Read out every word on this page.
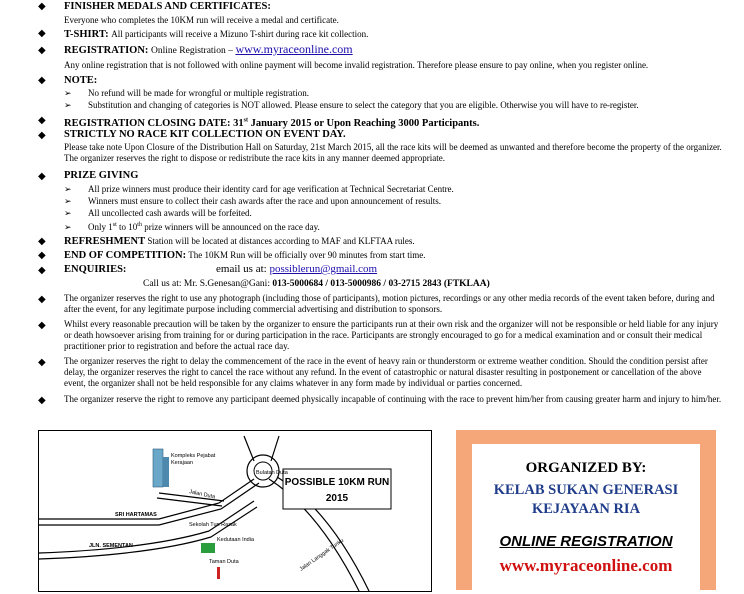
◆ FINISHER MEDALS AND CERTIFICATES:
Everyone who completes the 10KM run will receive a medal and certificate.
◆ T-SHIRT: All participants will receive a Mizuno T-shirt during race kit collection.
◆ REGISTRATION: Online Registration – www.myraceonline.com
Any online registration that is not followed with online payment will become invalid registration. Therefore please ensure to pay online, when you register online.
◆ NOTE:
➢ No refund will be made for wrongful or multiple registration.
➢ Substitution and changing of categories is NOT allowed. Please ensure to select the category that you are eligible. Otherwise you will have to re-register.
◆ REGISTRATION CLOSING DATE: 31st January 2015 or Upon Reaching 3000 Participants.
◆ STRICTLY NO RACE KIT COLLECTION ON EVENT DAY.
Please take note Upon Closure of the Distribution Hall on Saturday, 21st March 2015, all the race kits will be deemed as unwanted and therefore become the property of the organizer. The organizer reserves the right to dispose or redistribute the race kits in any manner deemed appropriate.
◆ PRIZE GIVING
➢ All prize winners must produce their identity card for age verification at Technical Secretariat Centre.
➢ Winners must ensure to collect their cash awards after the race and upon announcement of results.
➢ All uncollected cash awards will be forfeited.
➢ Only 1st to 10th prize winners will be announced on the race day.
◆ REFRESHMENT Station will be located at distances according to MAF and KLFTAA rules.
◆ END OF COMPETITION: The 10KM Run will be officially over 90 minutes from start time.
◆ ENQUIRIES:	email us at: possiblerun@gmail.com
Call us at: Mr. S.Genesan@Gani: 013-5000684 / 013-5000986 / 03-2715 2843 (FTKLAA)
◆ The organizer reserves the right to use any photograph (including those of participants), motion pictures, recordings or any other media records of the event taken before, during and after the event, for any legitimate purpose including commercial advertising and distribution to sponsors.
◆ Whilst every reasonable precaution will be taken by the organizer to ensure the participants run at their own risk and the organizer will not be responsible or held liable for any injury or death howsoever arising from training for or during participation in the race. Participants are strongly encouraged to go for a medical examination and or consult their medical practitioner prior to registration and before the actual race day.
◆ The organizer reserves the right to delay the commencement of the race in the event of heavy rain or thunderstorm or extreme weather condition. Should the condition persist after delay, the organizer reserves the right to cancel the race without any refund. In the event of catastrophic or natural disaster resulting in postponement or cancellation of the above event, the organizer shall not be held responsible for any claims whatever in any form made by individual or parties concerned.
◆ The organizer reserve the right to remove any participant deemed physically incapable of continuing with the race to prevent him/her from causing greater harm and injury to him/her.
POSSIBLE 10KM RUN
2015
Kompleks Pejabat
Kerajaan
Bulatan Duta
SRI HARTAMAS
Jalan Duta
Sekolah Tun Razak
Kedutaan India
Taman Duta
JLN. SEMENTAN	Jalan Langgak Tunku
ORGANIZED BY:
KELAB SUKAN GENERASI
KEJAYAAN RIA
ONLINE REGISTRATION
www.myraceonline.com
